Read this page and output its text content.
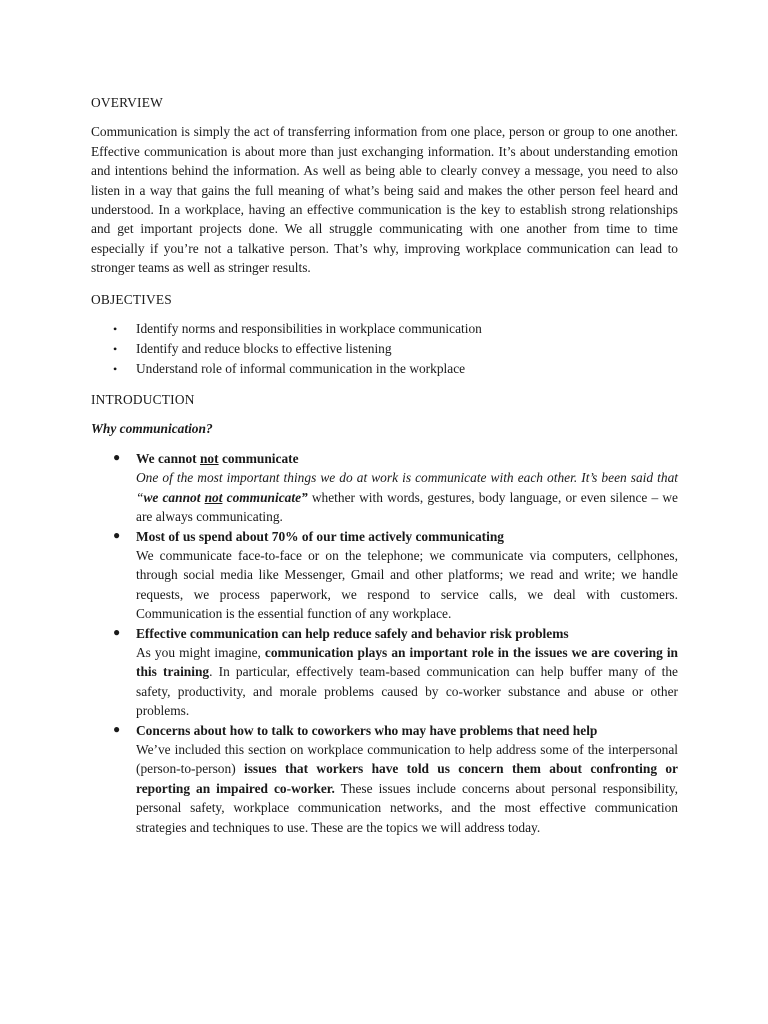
OVERVIEW

Communication is simply the act of transferring information from one place, person or group to one another. Effective communication is about more than just exchanging information. It’s about understanding emotion and intentions behind the information. As well as being able to clearly convey a message, you need to also listen in a way that gains the full meaning of what’s being said and makes the other person feel heard and understood. In a workplace, having an effective communication is the key to establish strong relationships and get important projects done. We all struggle communicating with one another from time to time especially if you’re not a talkative person. That’s why, improving workplace communication can lead to stronger teams as well as stringer results.

OBJECTIVES
• Identify norms and responsibilities in workplace communication
• Identify and reduce blocks to effective listening
• Understand role of informal communication in the workplace
INTRODUCTION

Why communication?

● We cannot not communicate
One of the most important things we do at work is communicate with each other. It’s been said that “we cannot not communicate” whether with words, gestures, body language, or even silence – we are always communicating.
● Most of us spend about 70% of our time actively communicating
We communicate face-to-face or on the telephone; we communicate via computers, cellphones, through social media like Messenger, Gmail and other platforms; we read and write; we handle requests, we process paperwork, we respond to service calls, we deal with customers. Communication is the essential function of any workplace.
● Effective communication can help reduce safely and behavior risk problems
As you might imagine, communication plays an important role in the issues we are covering in this training. In particular, effectively team-based communication can help buffer many of the safety, productivity, and morale problems caused by co-worker substance and abuse or other problems.
● Concerns about how to talk to coworkers who may have problems that need help
We’ve included this section on workplace communication to help address some of the interpersonal (person-to-person) issues that workers have told us concern them about confronting or reporting an impaired co-worker. These issues include concerns about personal responsibility, personal safety, workplace communication networks, and the most effective communication strategies and techniques to use. These are the topics we will address today.
